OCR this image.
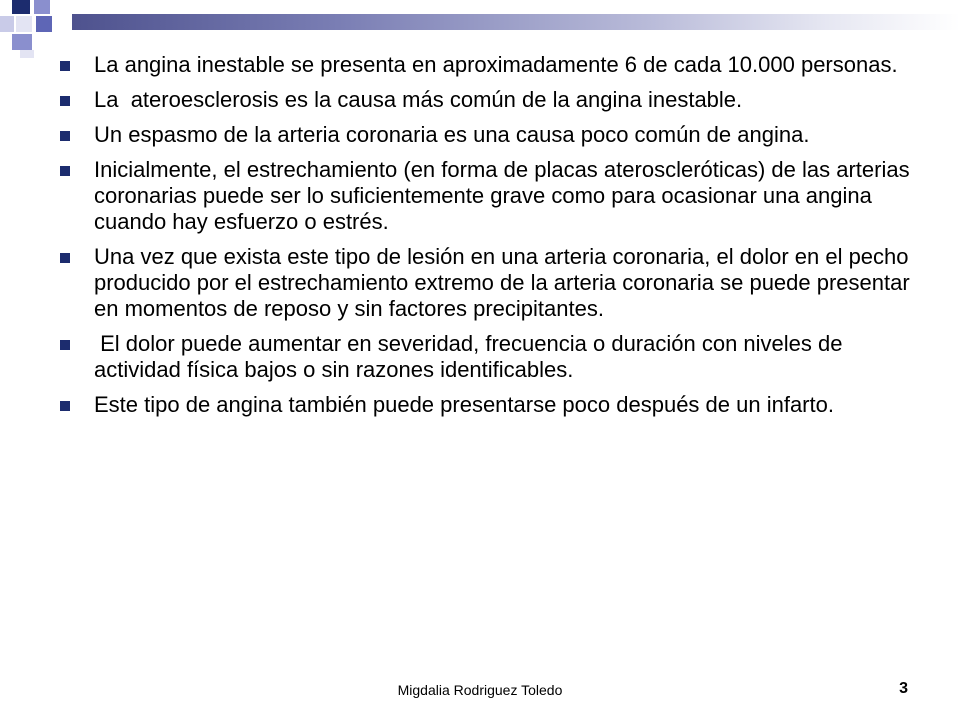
La angina inestable se presenta en aproximadamente 6 de cada 10.000 personas.
La  ateroesclerosis es la causa más común de la angina inestable.
Un espasmo de la arteria coronaria es una causa poco común de angina.
Inicialmente, el estrechamiento (en forma de placas ateroscleróticas) de las arterias coronarias puede ser lo suficientemente grave como para ocasionar una angina  cuando hay esfuerzo o estrés.
Una vez que exista este tipo de lesión en una arteria coronaria, el dolor en el pecho producido por el estrechamiento extremo de la arteria coronaria se puede presentar en momentos de reposo y sin factores precipitantes.
El dolor puede aumentar en severidad, frecuencia o duración con niveles de actividad física bajos o sin razones identificables.
Este tipo de angina también puede presentarse poco después de un infarto.
Migdalia Rodriguez Toledo	3
